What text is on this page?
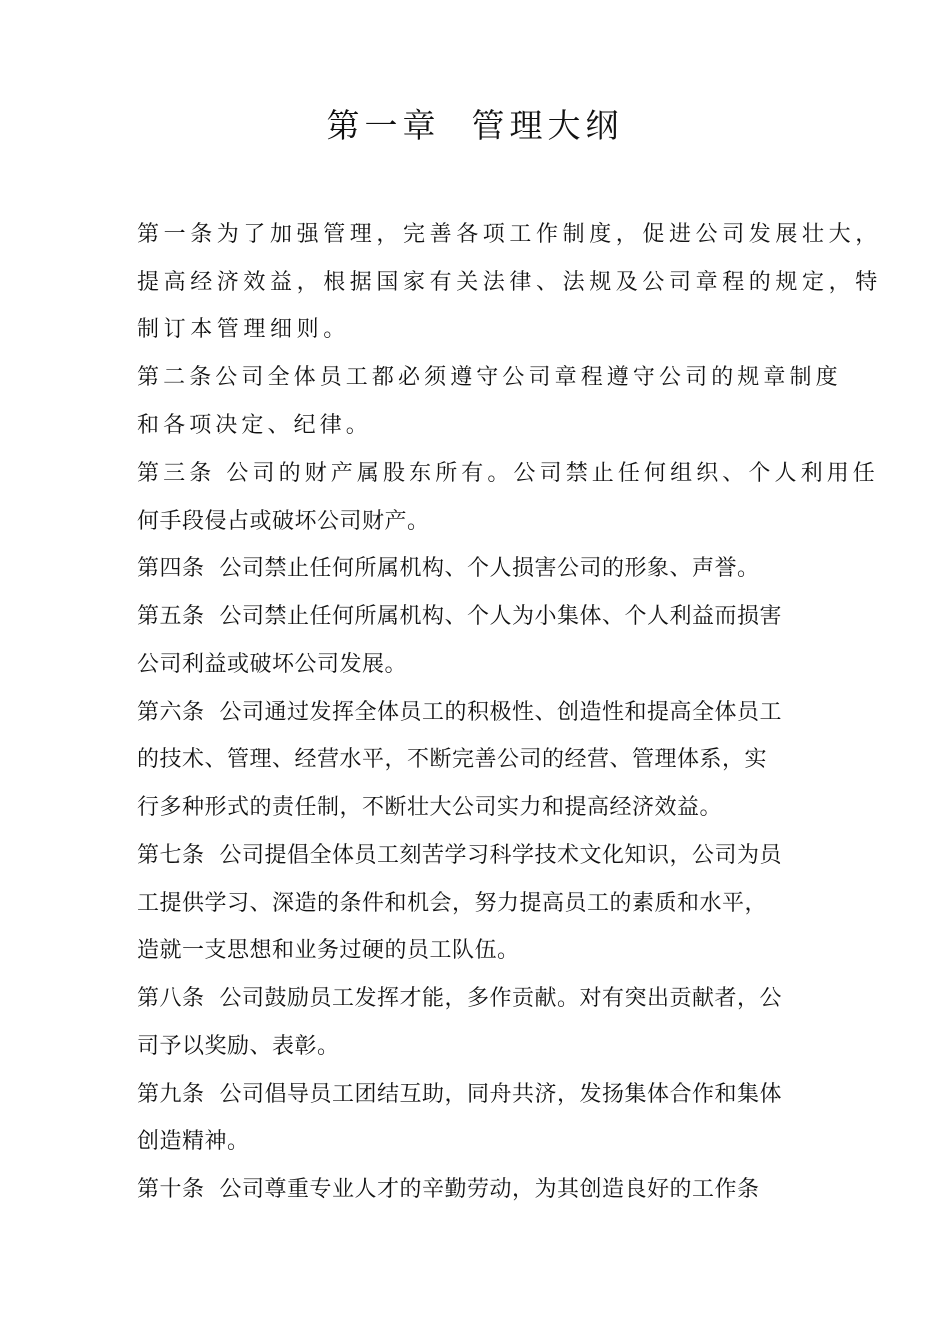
第一章  管理大纲
第一条为了加强管理，完善各项工作制度，促进公司发展壮大，
提高经济效益，根据国家有关法律、法规及公司章程的规定，特
制订本管理细则。
第二条公司全体员工都必须遵守公司章程遵守公司的规章制度
和各项决定、纪律。
第三条 公司的财产属股东所有。公司禁止任何组织、个人利用任
何手段侵占或破坏公司财产。
第四条  公司禁止任何所属机构、个人损害公司的形象、声誉。
第五条  公司禁止任何所属机构、个人为小集体、个人利益而损害
公司利益或破坏公司发展。
第六条  公司通过发挥全体员工的积极性、创造性和提高全体员工
的技术、管理、经营水平，不断完善公司的经营、管理体系，实
行多种形式的责任制，不断壮大公司实力和提高经济效益。
第七条  公司提倡全体员工刻苦学习科学技术文化知识，公司为员
工提供学习、深造的条件和机会，努力提高员工的素质和水平，
造就一支思想和业务过硬的员工队伍。
第八条  公司鼓励员工发挥才能，多作贡献。对有突出贡献者，公
司予以奖励、表彰。
第九条  公司倡导员工团结互助，同舟共济，发扬集体合作和集体
创造精神。
第十条  公司尊重专业人才的辛勤劳动，为其创造良好的工作条
